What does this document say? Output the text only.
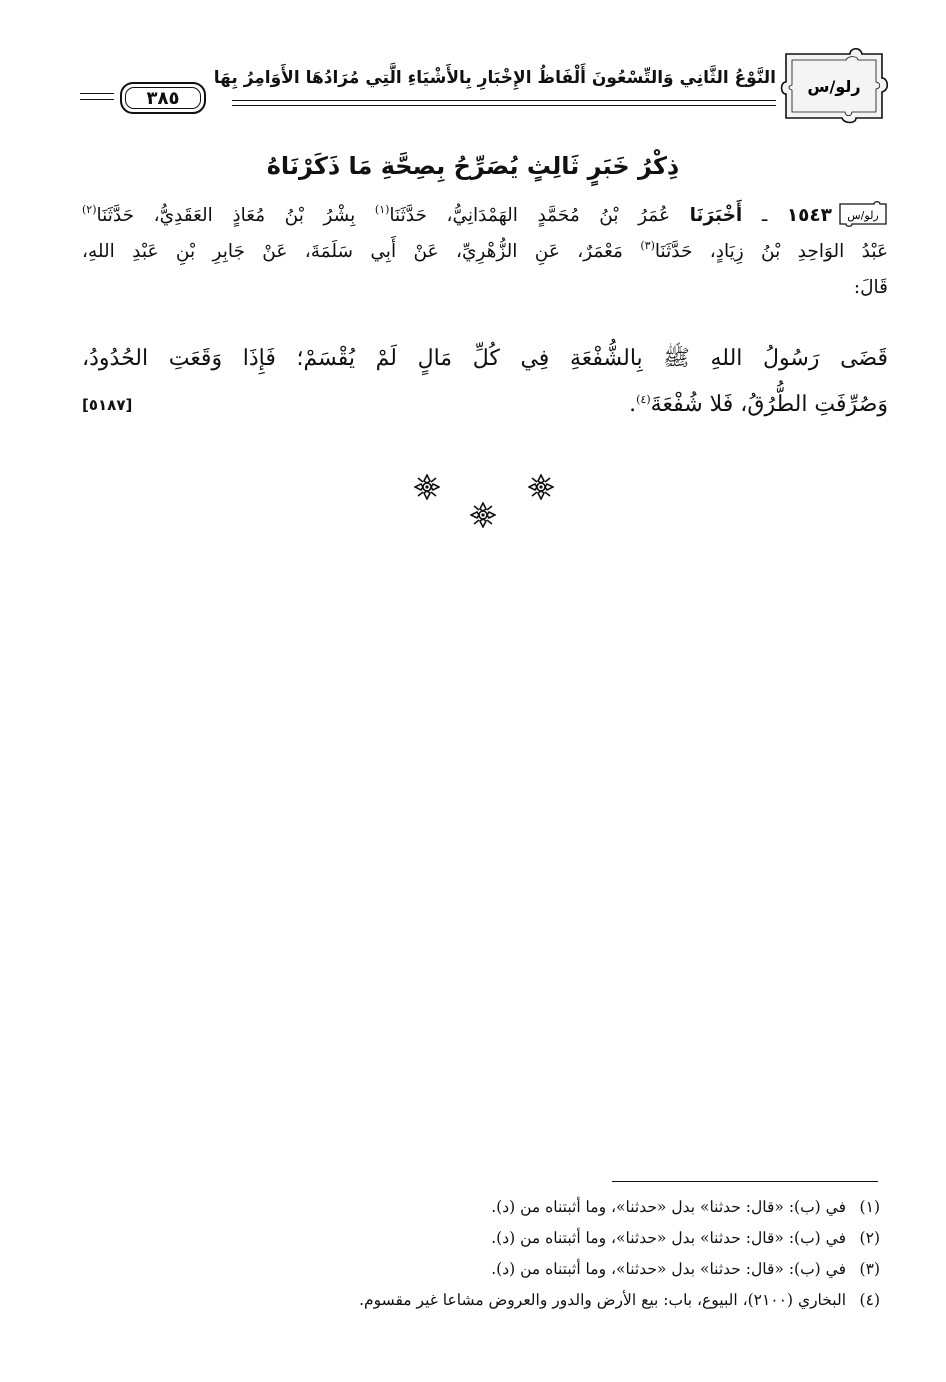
رلو/س
النَّوْعُ الثَّانِي وَالتِّسْعُونَ أَلْفَاظُ الإِخْبَارِ بِالأَشْيَاءِ الَّتِي مُرَادُهَا الأَوَامِرُ بِهَا
٣٨٥
ذِكْرُ خَبَرٍ ثَالِثٍ يُصَرِّحُ بِصِحَّةِ مَا ذَكَرْنَاهُ
رلو/س
١٥٤٣ ـ أَخْبَرَنَا عُمَرُ بْنُ مُحَمَّدٍ الهَمْدَانِيُّ، حَدَّثَنَا$^{(١)}$ بِشْرُ بْنُ مُعَاذٍ العَقَدِيُّ، حَدَّثَنَا$^{(٢)}$
عَبْدُ الوَاحِدِ بْنُ زِيَادٍ، حَدَّثَنَا$^{(٣)}$ مَعْمَرٌ، عَنِ الزُّهْرِيِّ، عَنْ أَبِي سَلَمَةَ، عَنْ جَابِرِ بْنِ عَبْدِ اللهِ،
قَالَ:
قَضَى رَسُولُ اللهِ ﷺ بِالشُّفْعَةِ فِي كُلِّ مَالٍ لَمْ يُقْسَمْ؛ فَإِذَا وَقَعَتِ الحُدُودُ،
وَصُرِّفَتِ الطُّرُقُ، فَلا شُفْعَةَ$^{(٤)}$.
[٥١٨٧]
(١)في (ب): «قال: حدثنا» بدل «حدثنا»، وما أثبتناه من (د).
(٢)في (ب): «قال: حدثنا» بدل «حدثنا»، وما أثبتناه من (د).
(٣)في (ب): «قال: حدثنا» بدل «حدثنا»، وما أثبتناه من (د).
(٤)البخاري (٢١٠٠)، البيوع، باب: بيع الأرض والدور والعروض مشاعا غير مقسوم.
